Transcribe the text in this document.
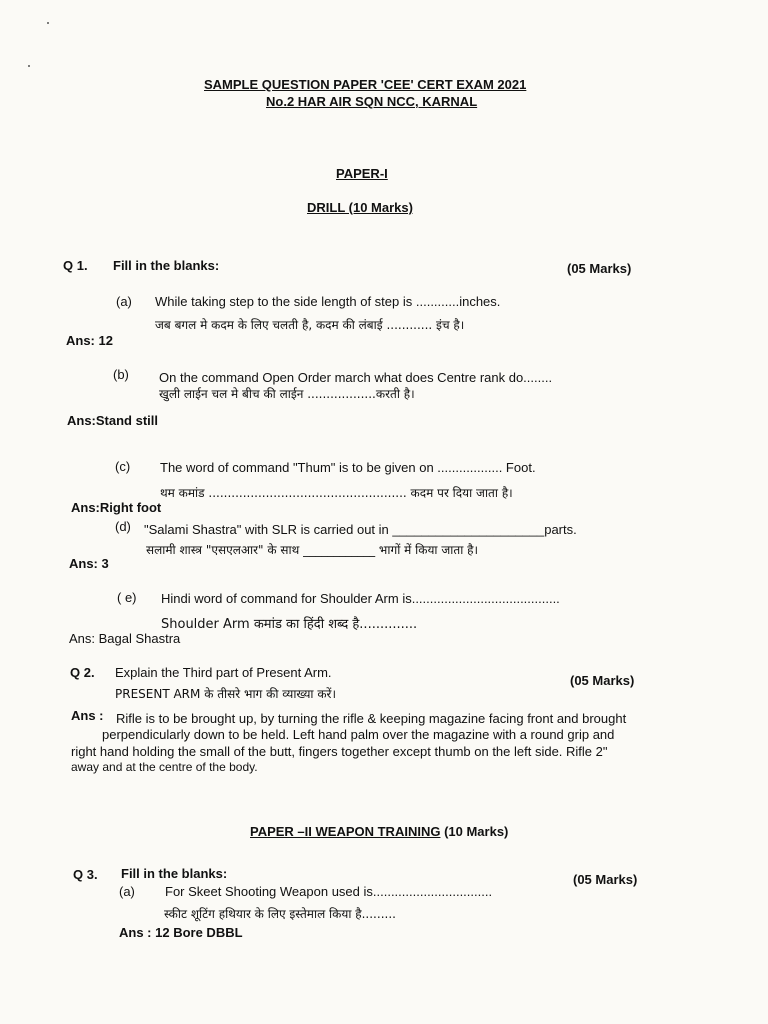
SAMPLE QUESTION PAPER 'CEE' CERT EXAM 2021
No.2 HAR AIR SQN NCC, KARNAL
PAPER-I
DRILL (10 Marks)
Q 1. Fill in the blanks:	(05 Marks)
(a) While taking step to the side length of step is ............inches.
जब बगल मे कदम के लिए चलती है, कदम की लंबाई ............ इंच है।
Ans: 12
(b) On the command Open Order march what does Centre rank do........
खुली लाईन चल मे बीच की लाईन ..................करती है।
Ans:Stand still
(c) The word of command "Thum" is to be given on .................. Foot.
थम कमांड .................................................... कदम पर दिया जाता है।
Ans:Right foot
(d) "Salami Shastra" with SLR is carried out in _____________________parts.
सलामी शास्त्र "एसएलआर" के साथ ____________ भागों में किया जाता है।
Ans: 3
( e) Hindi word of command for Shoulder Arm is.........................................
Shoulder Arm कमांड का हिंदी शब्द है..............
Ans: Bagal Shastra
Q 2. Explain the Third part of Present Arm.
PRESENT ARM के तीसरे भाग की व्याख्या करें।
(05 Marks)
Ans : Rifle is to be brought up, by turning the rifle & keeping magazine facing front and brought
perpendicularly down to be held. Left hand palm over the magazine with a round grip and
right hand holding the small of the butt, fingers together except thumb on the left side. Rifle 2"
away and at the centre of the body.
PAPER –II WEAPON TRAINING (10 Marks)
Q 3. Fill in the blanks:	(05 Marks)
(a) For Skeet Shooting Weapon used is.................................
स्कीट शूटिंग हथियार के लिए इस्तेमाल किया है.........
Ans : 12 Bore DBBL
